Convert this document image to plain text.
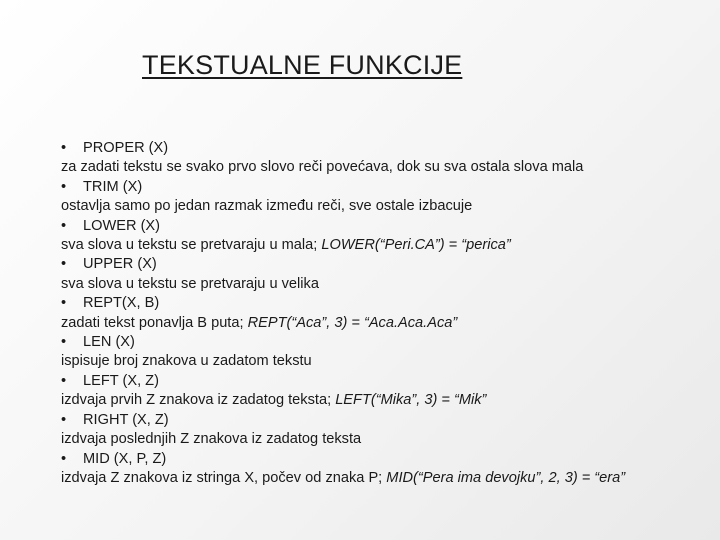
TEKSTUALNE FUNKCIJE
• PROPER (X)
za zadati tekstu se svako prvo slovo reči povećava, dok su sva ostala slova mala
• TRIM (X)
ostavlja samo po jedan razmak između reči, sve ostale izbacuje
• LOWER (X)
sva slova u tekstu se pretvaraju u mala; LOWER(“Peri.CA”) = “perica”
• UPPER (X)
sva slova u tekstu se pretvaraju u velika
• REPT(X, B)
zadati tekst ponavlja B puta; REPT(“Aca”, 3) = “Aca.Aca.Aca”
• LEN (X)
ispisuje broj znakova u zadatom tekstu
• LEFT (X, Z)
izdvaja prvih Z znakova iz zadatog teksta; LEFT(“Mika”, 3) = “Mik”
• RIGHT (X, Z)
izdvaja poslednjih Z znakova iz zadatog teksta
• MID (X, P, Z)
izdvaja Z znakova iz stringa X, počev od znaka P; MID(“Pera ima devojku”, 2, 3) = “era”
